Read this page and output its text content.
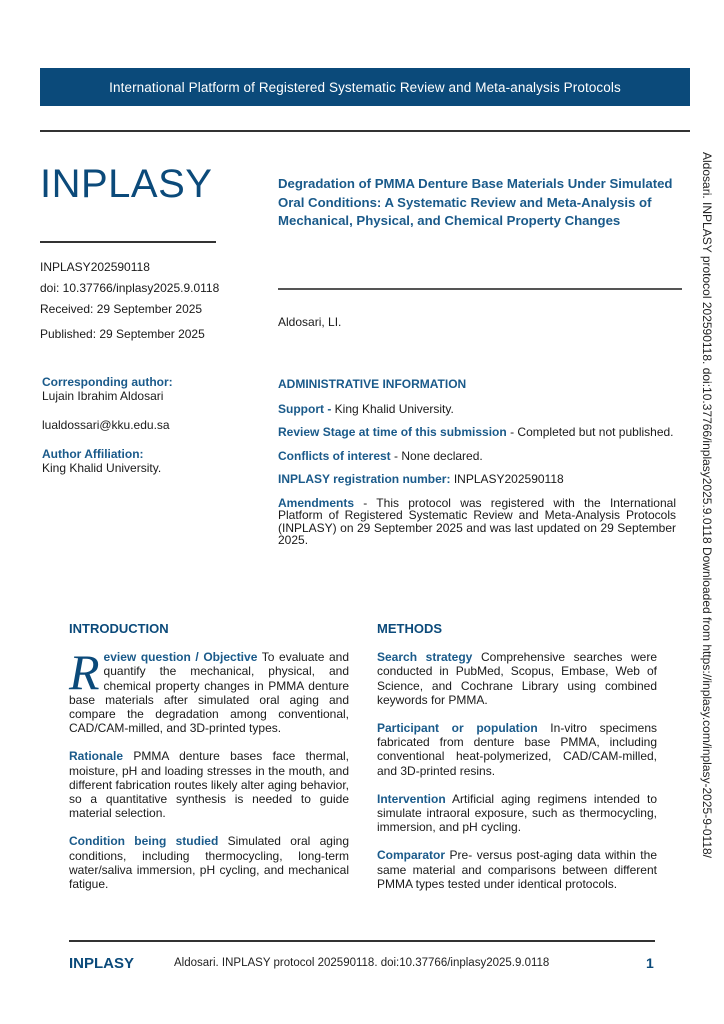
International Platform of Registered Systematic Review and Meta-analysis Protocols
INPLASY
INPLASY202590118
doi: 10.37766/inplasy2025.9.0118
Received: 29 September 2025
Published: 29 September 2025
Degradation of PMMA Denture Base Materials Under Simulated Oral Conditions: A Systematic Review and Meta-Analysis of Mechanical, Physical, and Chemical Property Changes
Aldosari, LI.
Corresponding author:
Lujain Ibrahim Aldosari
lualdossari@kku.edu.sa
Author Affiliation:
King Khalid University.

ADMINISTRATIVE INFORMATION

Support - King Khalid University.

Review Stage at time of this submission - Completed but not published.

Conflicts of interest - None declared.

INPLASY registration number: INPLASY202590118

Amendments - This protocol was registered with the International Platform of Registered Systematic Review and Meta-Analysis Protocols (INPLASY) on 29 September 2025 and was last updated on 29 September 2025.

INTRODUCTION

Review question / Objective To evaluate and quantify the mechanical, physical, and chemical property changes in PMMA denture base materials after simulated oral aging and compare the degradation among conventional, CAD/CAM-milled, and 3D-printed types.

Rationale PMMA denture bases face thermal, moisture, pH and loading stresses in the mouth, and different fabrication routes likely alter aging behavior, so a quantitative synthesis is needed to guide material selection.

Condition being studied Simulated oral aging conditions, including thermocycling, long-term water/saliva immersion, pH cycling, and mechanical fatigue.

METHODS

Search strategy Comprehensive searches were conducted in PubMed, Scopus, Embase, Web of Science, and Cochrane Library using combined keywords for PMMA.

Participant or population In-vitro specimens fabricated from denture base PMMA, including conventional heat-polymerized, CAD/CAM-milled, and 3D-printed resins.

Intervention Artificial aging regimens intended to simulate intraoral exposure, such as thermocycling, immersion, and pH cycling.

Comparator Pre- versus post-aging data within the same material and comparisons between different PMMA types tested under identical protocols.

INPLASY	Aldosari. INPLASY protocol 202590118. doi:10.37766/inplasy2025.9.0118	1
Aldosari. INPLASY protocol 202590118. doi:10.37766/inplasy2025.9.0118 Downloaded from https://inplasy.com/inplasy-2025-9-0118/
